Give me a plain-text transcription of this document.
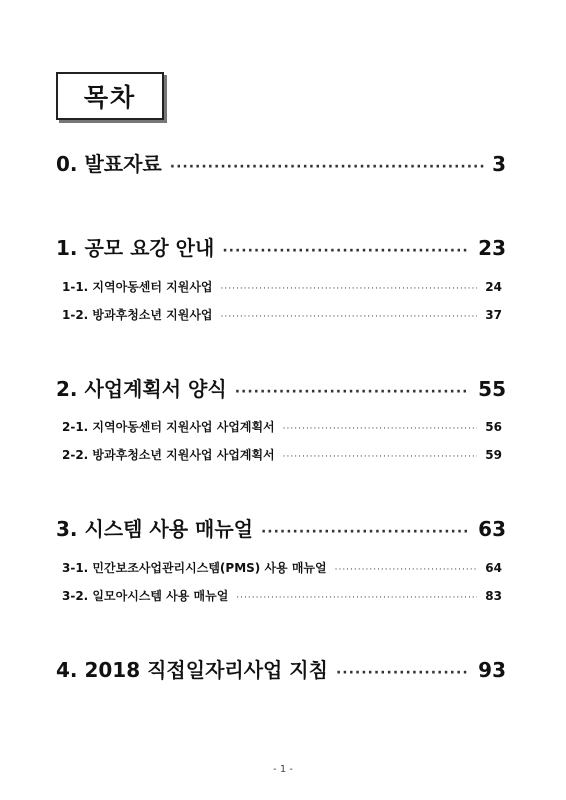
목차
0. 발표자료 ·····	3
1. 공모 요강 안내 ·····	23
1-1. 지역아동센터 지원사업 ·····	24
1-2. 방과후청소년 지원사업 ·····	37
2. 사업계획서 양식 ·····	55
2-1. 지역아동센터 지원사업 사업계획서 ·····	56
2-2. 방과후청소년 지원사업 사업계획서 ·····	59
3. 시스템 사용 매뉴얼 ·····	63
3-1. 민간보조사업관리시스템(PMS) 사용 매뉴얼 ·····	64
3-2. 일모아시스템 사용 매뉴얼 ·····	83
4. 2018 직접일자리사업 지침 ·····	93
- 1 -
